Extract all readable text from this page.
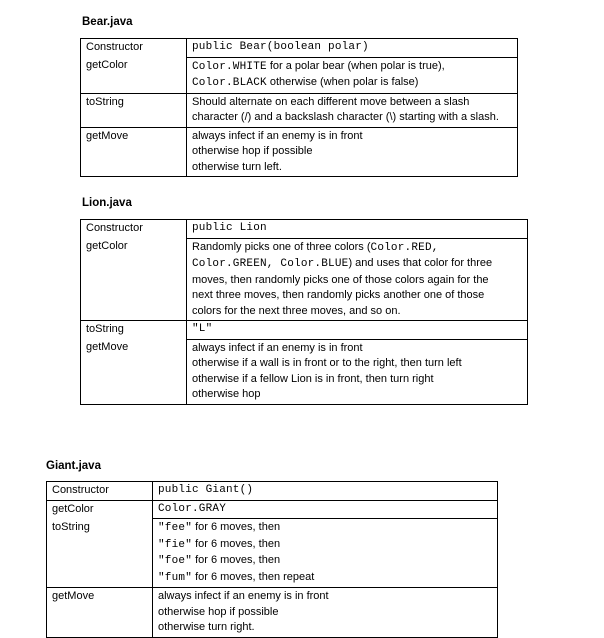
Bear.java
Constructor	public Bear(boolean polar)
getColor	Color.WHITE for a polar bear (when polar is true),
Color.BLACK otherwise (when polar is false)

toString	Should alternate on each different move between a slash
character (/) and a backslash character (\) starting with a slash.

getMove	always infect if an enemy is in front
otherwise hop if possible
otherwise turn left.
Lion.java
Constructor	public Lion
getColor	Randomly picks one of three colors (Color.RED,
Color.GREEN, Color.BLUE) and uses that color for three
moves, then randomly picks one of those colors again for the
next three moves, then randomly picks another one of those
colors for the next three moves, and so on.

toString	"L"
getMove	always infect if an enemy is in front
otherwise if a wall is in front or to the right, then turn left
otherwise if a fellow Lion is in front, then turn right
otherwise hop
Giant.java
Constructor	public Giant()
getColor	Color.GRAY
toString	"fee" for 6 moves, then
"fie" for 6 moves, then
"foe" for 6 moves, then
"fum" for 6 moves, then repeat

getMove	always infect if an enemy is in front
otherwise hop if possible
otherwise turn right.
